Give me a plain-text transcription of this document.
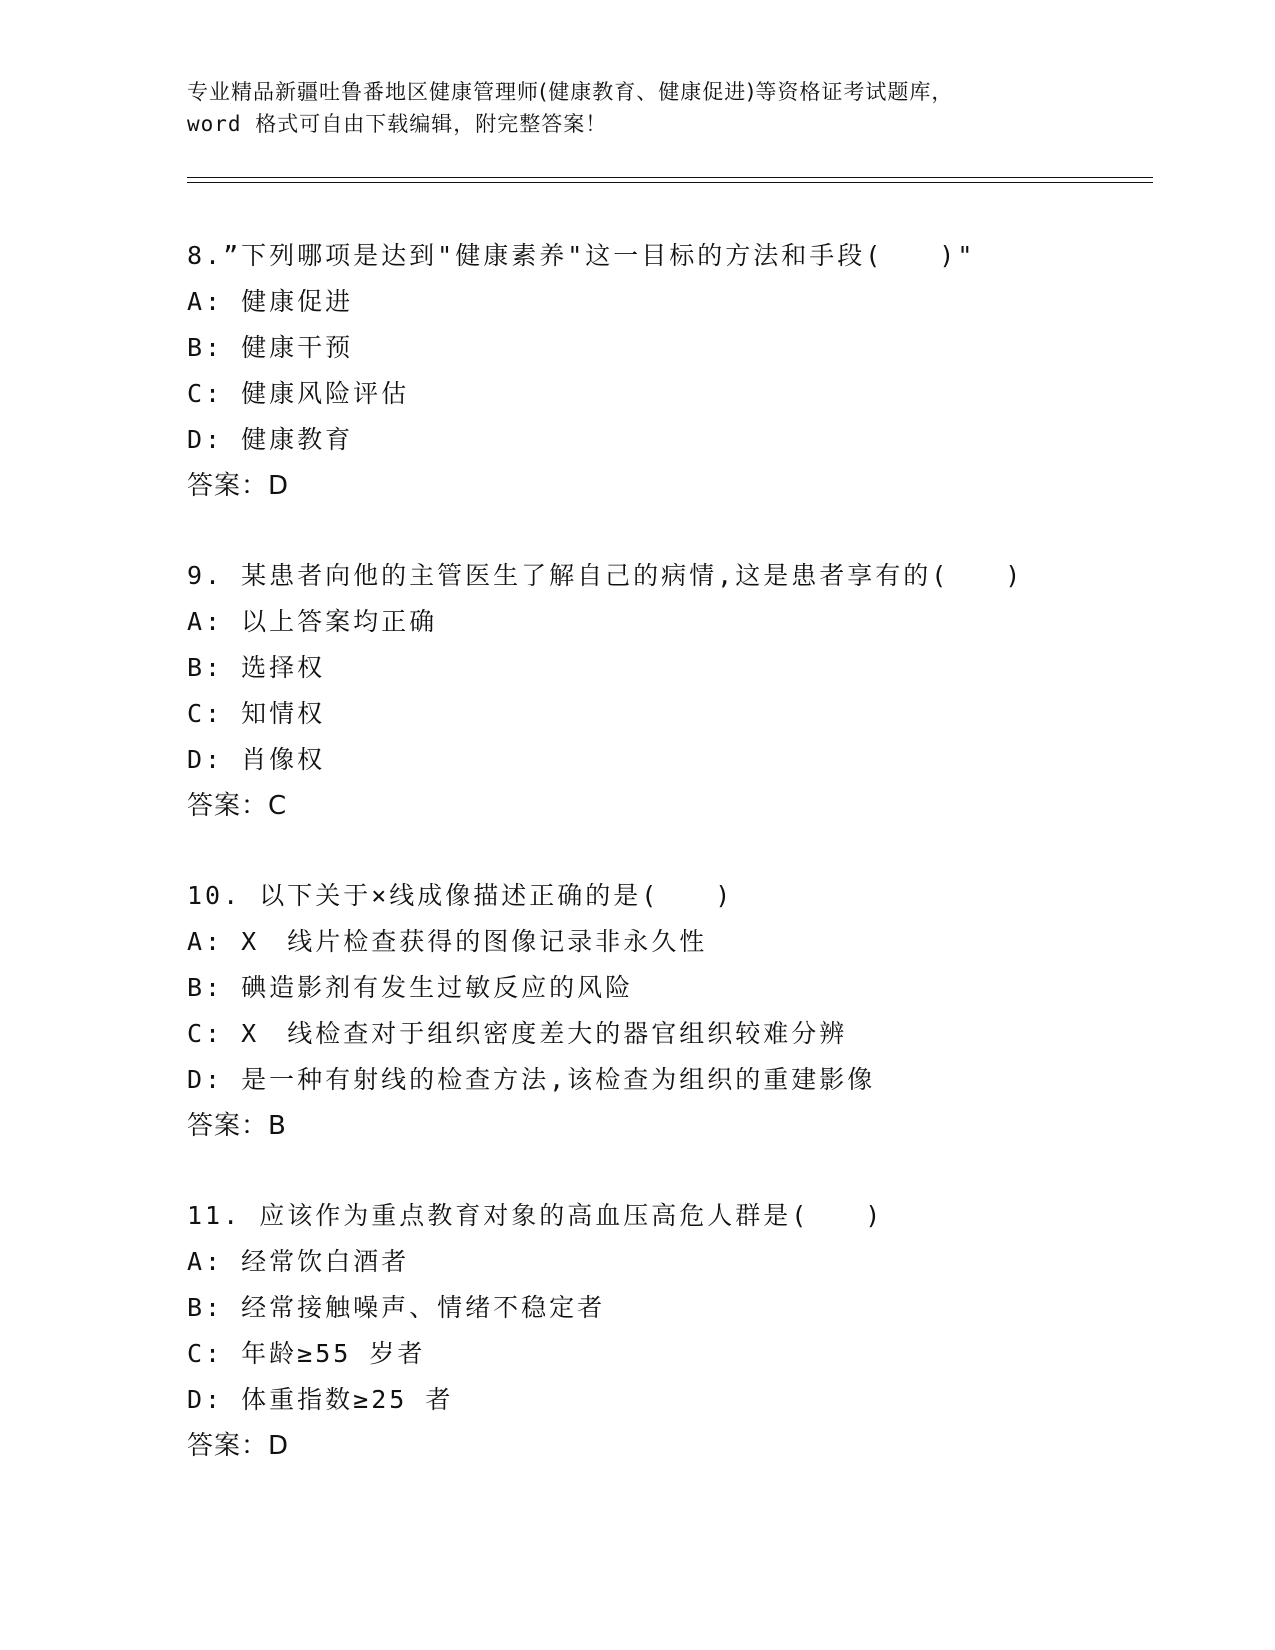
专业精品新疆吐鲁番地区健康管理师(健康教育、健康促进)等资格证考试题库，
word 格式可自由下载编辑，附完整答案！
8.”下列哪项是达到"健康素养"这一目标的方法和手段(　　)"
A: 健康促进
B: 健康干预
C: 健康风险评估
D: 健康教育
答案：D
9. 某患者向他的主管医生了解自己的病情,这是患者享有的(　　)
A: 以上答案均正确
B: 选择权
C: 知情权
D: 肖像权
答案：C
10. 以下关于×线成像描述正确的是(　　)
A: X　线片检查获得的图像记录非永久性
B: 碘造影剂有发生过敏反应的风险
C: X　线检查对于组织密度差大的器官组织较难分辨
D: 是一种有射线的检查方法,该检查为组织的重建影像
答案：B
11. 应该作为重点教育对象的高血压高危人群是(　　)
A: 经常饮白酒者
B: 经常接触噪声、情绪不稳定者
C: 年龄≥55 岁者
D: 体重指数≥25 者
答案：D
